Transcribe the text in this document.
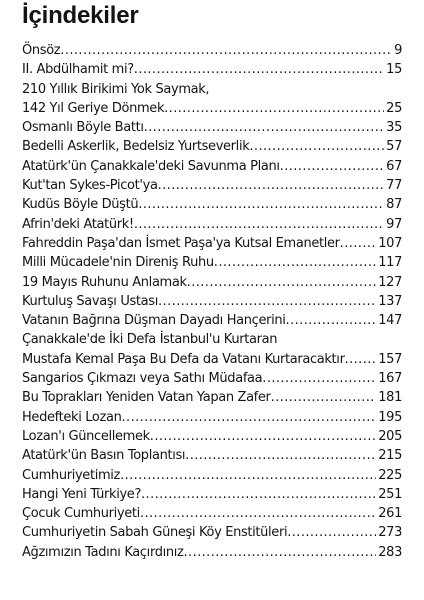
İçindekiler
Önsöz .....	9
II. Abdülhamit mi? .....	15
210 Yıllık Birikimi Yok Saymak,
142 Yıl Geriye Dönmek .....	25
Osmanlı Böyle Battı .....	35
Bedelli Askerlik, Bedelsiz Yurtseverlik .....	57
Atatürk'ün Çanakkale'deki Savunma Planı .....	67
Kut'tan Sykes-Picot'ya .....	77
Kudüs Böyle Düştü .....	87
Afrin'deki Atatürk! .....	97
Fahreddin Paşa'dan İsmet Paşa'ya Kutsal Emanetler .....	107
Milli Mücadele'nin Direniş Ruhu .....	117
19 Mayıs Ruhunu Anlamak .....	127
Kurtuluş Savaşı Ustası .....	137
Vatanın Bağrına Düşman Dayadı Hançerini .....	147
Çanakkale'de İki Defa İstanbul'u Kurtaran
Mustafa Kemal Paşa Bu Defa da Vatanı Kurtaracaktır .....	157
Sangarios Çıkmazı veya Sathı Müdafaa .....	167
Bu Toprakları Yeniden Vatan Yapan Zafer .....	181
Hedefteki Lozan .....	195
Lozan'ı Güncellemek .....	205
Atatürk'ün Basın Toplantısı .....	215
Cumhuriyetimiz .....	225
Hangi Yeni Türkiye? .....	251
Çocuk Cumhuriyeti .....	261
Cumhuriyetin Sabah Güneşi Köy Enstitüleri .....	273
Ağzımızın Tadını Kaçırdınız .....	283
